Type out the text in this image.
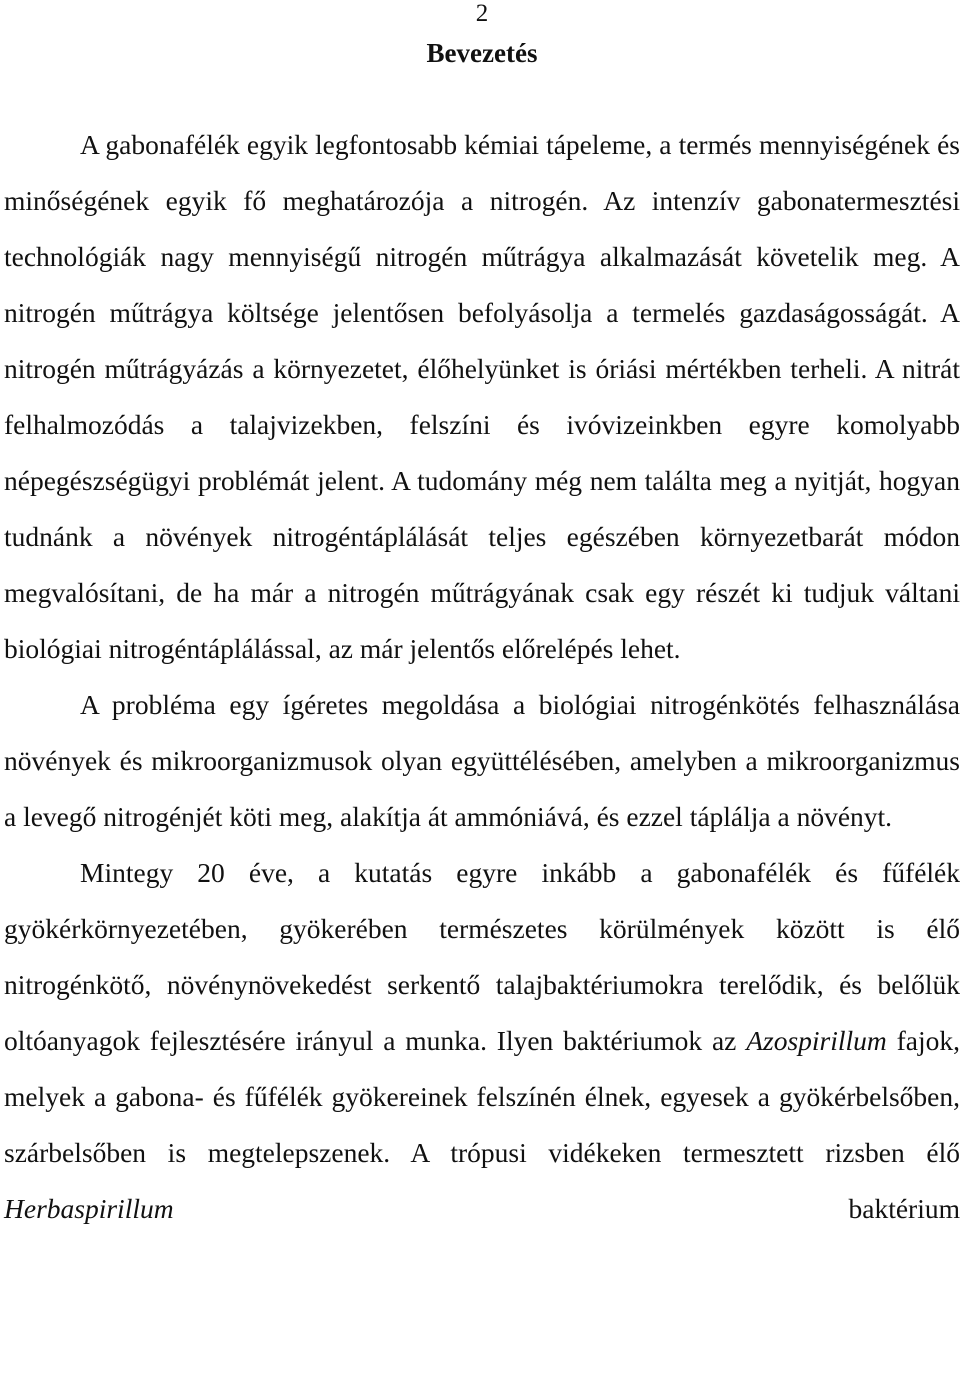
2
Bevezetés

A gabonafélék egyik legfontosabb kémiai tápeleme, a termés mennyiségének és minőségének egyik fő meghatározója a nitrogén. Az intenzív gabonatermesztési technológiák nagy mennyiségű nitrogén műtrágya alkalmazását követelik meg. A nitrogén műtrágya költsége jelentősen befolyásolja a termelés gazdaságosságát. A nitrogén műtrágyázás a környezetet, élőhelyünket is óriási mértékben terheli. A nitrát felhalmozódás a talajvizekben, felszíni és ivóvizeinkben egyre komolyabb népegészségügyi problémát jelent. A tudomány még nem találta meg a nyitját, hogyan tudnánk a növények nitrogéntáplálását teljes egészében környezetbarát módon megvalósítani, de ha már a nitrogén műtrágyának csak egy részét ki tudjuk váltani biológiai nitrogéntáplálással, az már jelentős előrelépés lehet.

A probléma egy ígéretes megoldása a biológiai nitrogénkötés felhasználása növények és mikroorganizmusok olyan együttélésében, amelyben a mikroorganizmus a levegő nitrogénjét köti meg, alakítja át ammóniává, és ezzel táplálja a növényt.

Mintegy 20 éve, a kutatás egyre inkább a gabonafélék és fűfélék gyökérkörnyezetében, gyökerében természetes körülmények között is élő nitrogénkötő, növénynövekedést serkentő talajbaktériumokra terelődik, és belőlük oltóanyagok fejlesztésére irányul a munka. Ilyen baktériumok az Azospirillum fajok, melyek a gabona- és fűfélék gyökereinek felszínén élnek, egyesek a gyökérbelsőben, szárbelsőben is megtelepszenek. A trópusi vidékeken termesztett rizsben élő Herbaspirillum baktérium
